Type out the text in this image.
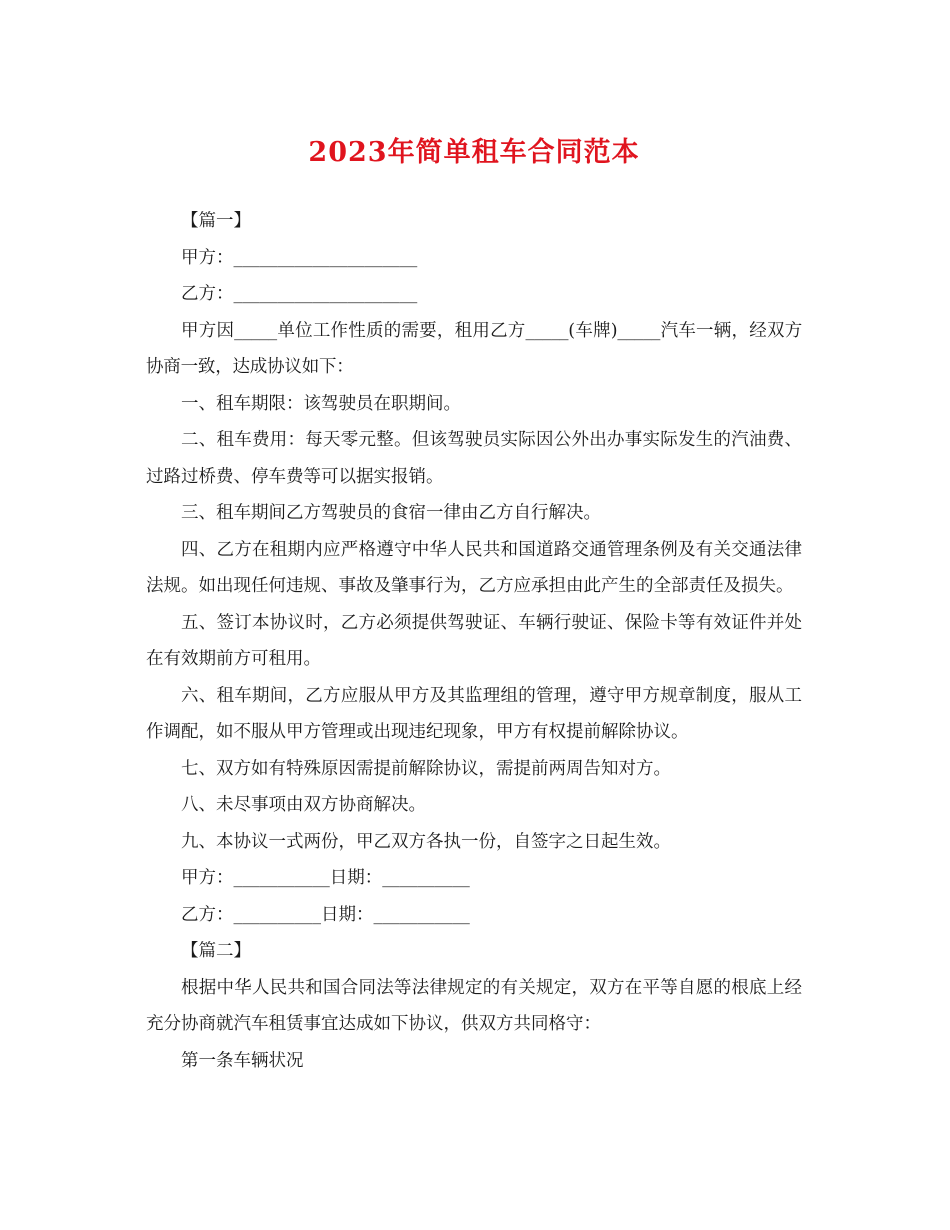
2023年简单租车合同范本

【篇一】

甲方：_____________________

乙方：_____________________

甲方因_____单位工作性质的需要，租用乙方_____(车牌)_____汽车一辆，经双方协商一致，达成协议如下：

一、租车期限：该驾驶员在职期间。

二、租车费用：每天零元整。但该驾驶员实际因公外出办事实际发生的汽油费、过路过桥费、停车费等可以据实报销。

三、租车期间乙方驾驶员的食宿一律由乙方自行解决。

四、乙方在租期内应严格遵守中华人民共和国道路交通管理条例及有关交通法律法规。如出现任何违规、事故及肇事行为，乙方应承担由此产生的全部责任及损失。

五、签订本协议时，乙方必须提供驾驶证、车辆行驶证、保险卡等有效证件并处在有效期前方可租用。

六、租车期间，乙方应服从甲方及其监理组的管理，遵守甲方规章制度，服从工作调配，如不服从甲方管理或出现违纪现象，甲方有权提前解除协议。

七、双方如有特殊原因需提前解除协议，需提前两周告知对方。

八、未尽事项由双方协商解决。

九、本协议一式两份，甲乙双方各执一份，自签字之日起生效。

甲方：___________日期：__________

乙方：__________日期：___________

【篇二】

根据中华人民共和国合同法等法律规定的有关规定，双方在平等自愿的根底上经充分协商就汽车租赁事宜达成如下协议，供双方共同格守：

第一条车辆状况
